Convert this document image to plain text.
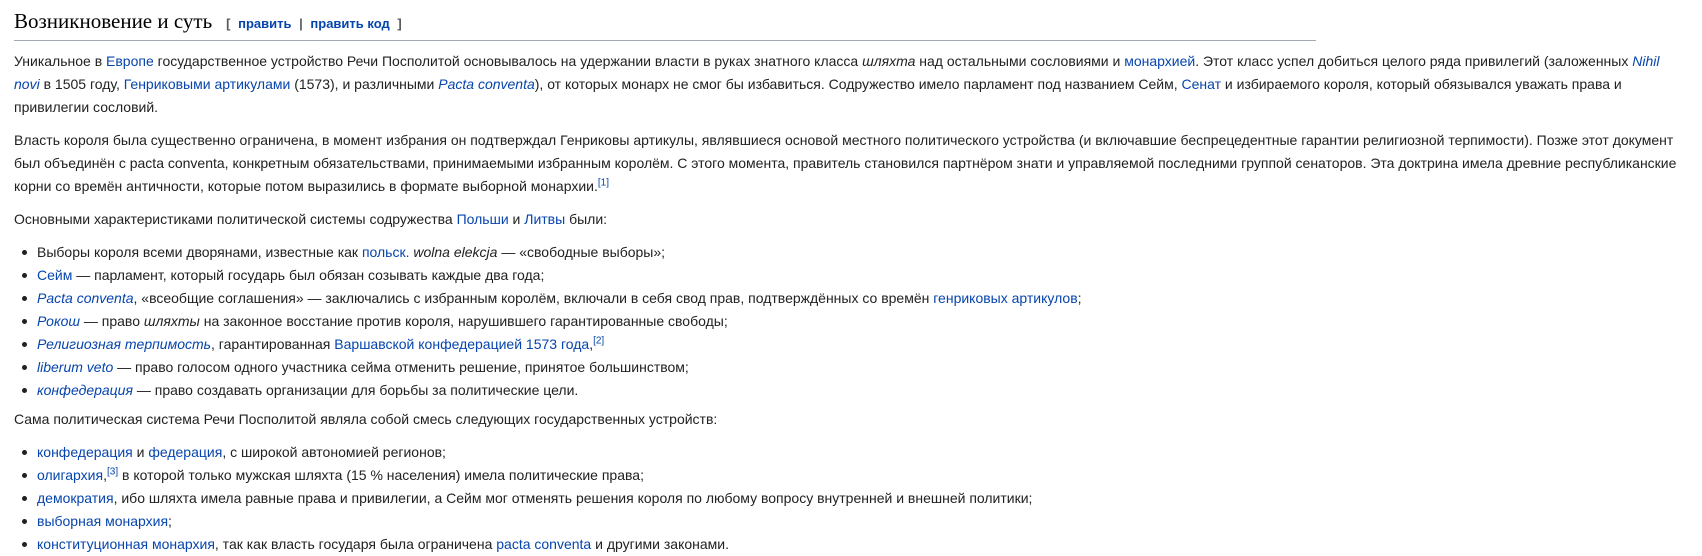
Возникновение и суть [ править | править код ]

Уникальное в Европе государственное устройство Речи Посполитой основывалось на удержании власти в руках знатного класса шляхта над остальными сословиями и монархией. Этот класс успел добиться целого ряда привилегий (заложенных Nihil novi в 1505 году, Генриковыми артикулами (1573), и различными Pacta conventa), от которых монарх не смог бы избавиться. Содружество имело парламент под названием Сейм, Сенат и избираемого короля, который обязывался уважать права и привилегии сословий.

Власть короля была существенно ограничена, в момент избрания он подтверждал Генриковы артикулы, являвшиеся основой местного политического устройства (и включавшие беспрецедентные гарантии религиозной терпимости). Позже этот документ был объединён с pacta conventa, конкретным обязательствами, принимаемыми избранным королём. С этого момента, правитель становился партнёром знати и управляемой последними группой сенаторов. Эта доктрина имела древние республиканские корни со времён античности, которые потом выразились в формате выборной монархии.[1]

Основными характеристиками политической системы содружества Польши и Литвы были:

Выборы короля всеми дворянами, известные как польск. wolna elekcja — «свободные выборы»;
Сейм — парламент, который государь был обязан созывать каждые два года;
Pacta conventa, «всеобщие соглашения» — заключались с избранным королём, включали в себя свод прав, подтверждённых со времён генриковых артикулов;
Рокош — право шляхты на законное восстание против короля, нарушившего гарантированные свободы;
Религиозная терпимость, гарантированная Варшавской конфедерацией 1573 года,[2]
liberum veto — право голосом одного участника сейма отменить решение, принятое большинством;
конфедерация — право создавать организации для борьбы за политические цели.

Сама политическая система Речи Посполитой являла собой смесь следующих государственных устройств:

конфедерация и федерация, с широкой автономией регионов;
олигархия,[3] в которой только мужская шляхта (15 % населения) имела политические права;
демократия, ибо шляхта имела равные права и привилегии, а Сейм мог отменять решения короля по любому вопросу внутренней и внешней политики;
выборная монархия;
конституционная монархия, так как власть государя была ограничена pacta conventa и другими законами.
